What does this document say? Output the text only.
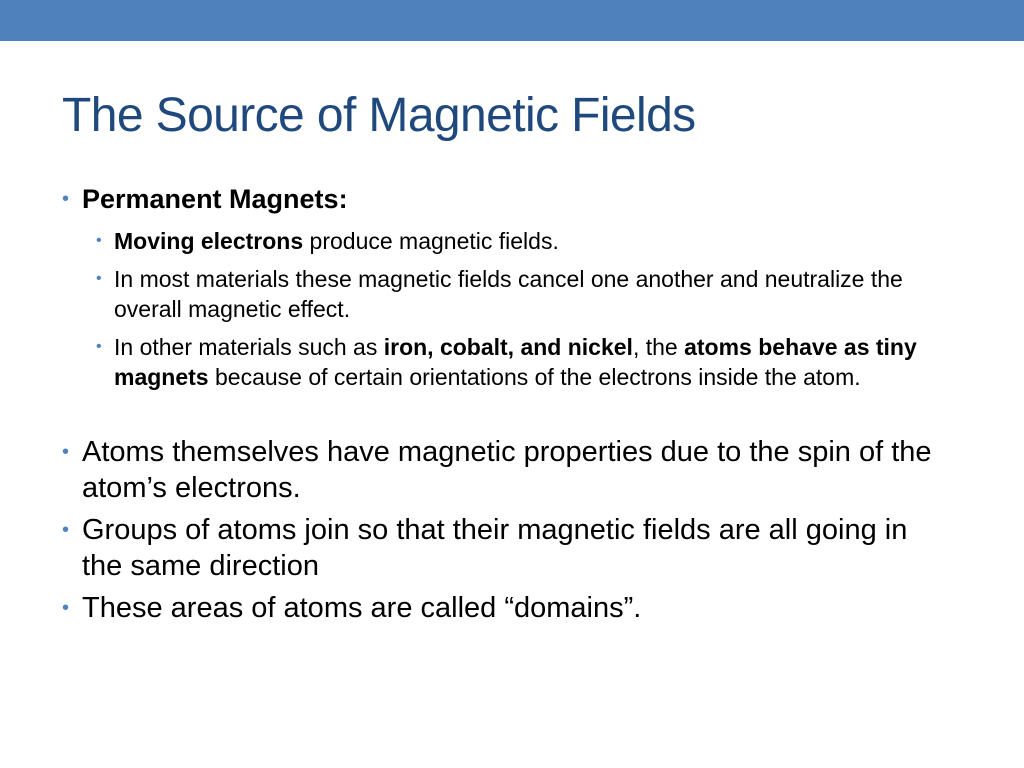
The Source of Magnetic Fields
• Permanent Magnets:
• Moving electrons produce magnetic fields.
• In most materials these magnetic fields cancel one another and neutralize the overall magnetic effect.
• In other materials such as iron, cobalt, and nickel, the atoms behave as tiny magnets because of certain orientations of the electrons inside the atom.
• Atoms themselves have magnetic properties due to the spin of the atom’s electrons.
• Groups of atoms join so that their magnetic fields are all going in the same direction
• These areas of atoms are called “domains”.
